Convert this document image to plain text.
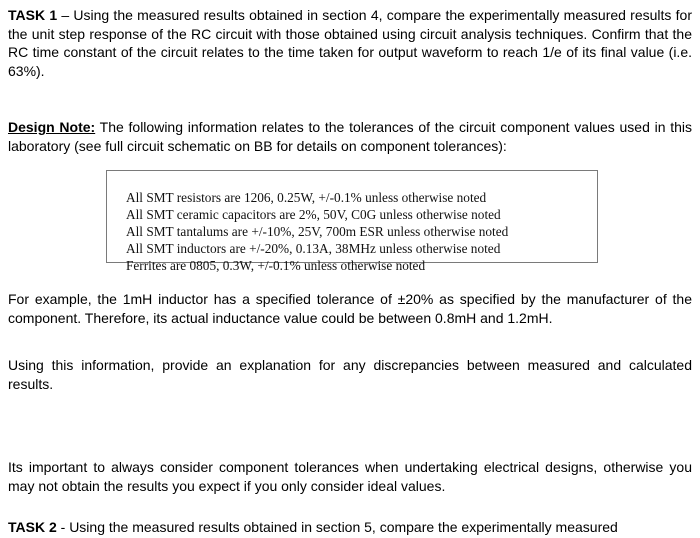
TASK 1 – Using the measured results obtained in section 4, compare the experimentally measured results for the unit step response of the RC circuit with those obtained using circuit analysis techniques. Confirm that the RC time constant of the circuit relates to the time taken for output waveform to reach 1/e of its final value (i.e. 63%).

Design Note: The following information relates to the tolerances of the circuit component values used in this laboratory (see full circuit schematic on BB for details on component tolerances):

All SMT resistors are 1206, 0.25W, +/-0.1% unless otherwise noted
All SMT ceramic capacitors are 2%, 50V, C0G unless otherwise noted
All SMT tantalums are +/-10%, 25V, 700m ESR unless otherwise noted
All SMT inductors are +/-20%, 0.13A, 38MHz unless otherwise noted
Ferrites are 0805, 0.3W, +/-0.1% unless otherwise noted

For example, the 1mH inductor has a specified tolerance of ±20% as specified by the manufacturer of the component. Therefore, its actual inductance value could be between 0.8mH and 1.2mH.

Using this information, provide an explanation for any discrepancies between measured and calculated results.

Its important to always consider component tolerances when undertaking electrical designs, otherwise you may not obtain the results you expect if you only consider ideal values.

TASK 2 - Using the measured results obtained in section 5, compare the experimentally measured
